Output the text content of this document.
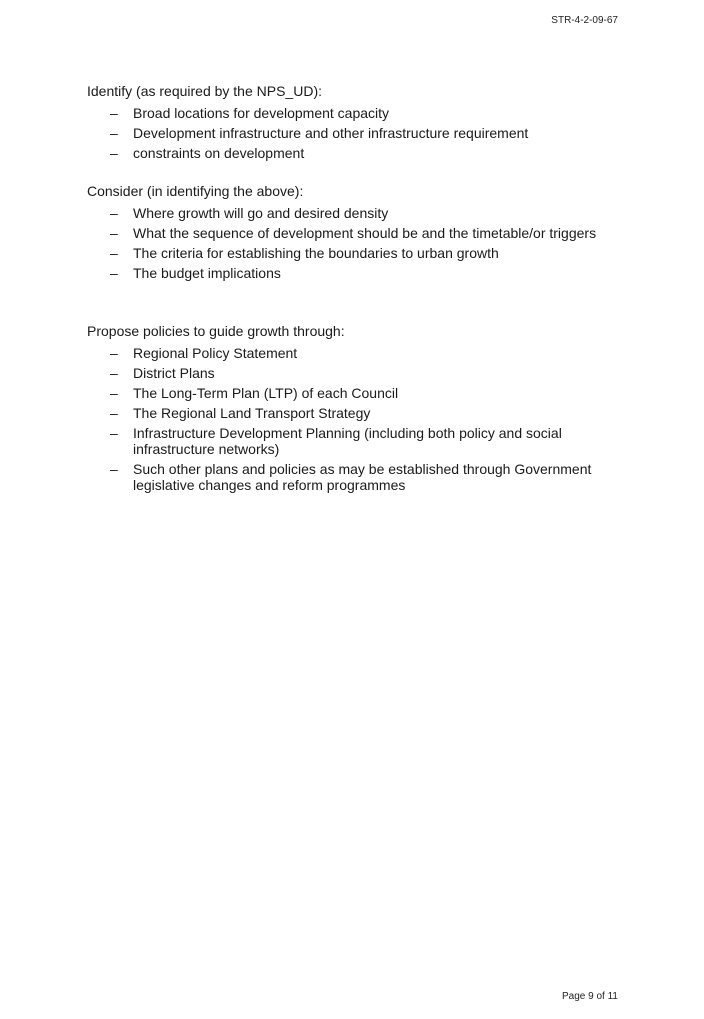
STR-4-2-09-67

Identify (as required by the NPS_UD):

– Broad locations for development capacity
– Development infrastructure and other infrastructure requirement
– constraints on development

Consider (in identifying the above):

– Where growth will go and desired density
– What the sequence of development should be and the timetable/or triggers
– The criteria for establishing the boundaries to urban growth
– The budget implications

Propose policies to guide growth through:

– Regional Policy Statement
– District Plans
– The Long-Term Plan (LTP) of each Council
– The Regional Land Transport Strategy
– Infrastructure Development Planning (including both policy and social infrastructure networks)
– Such other plans and policies as may be established through Government legislative changes and reform programmes
Page 9 of 11
